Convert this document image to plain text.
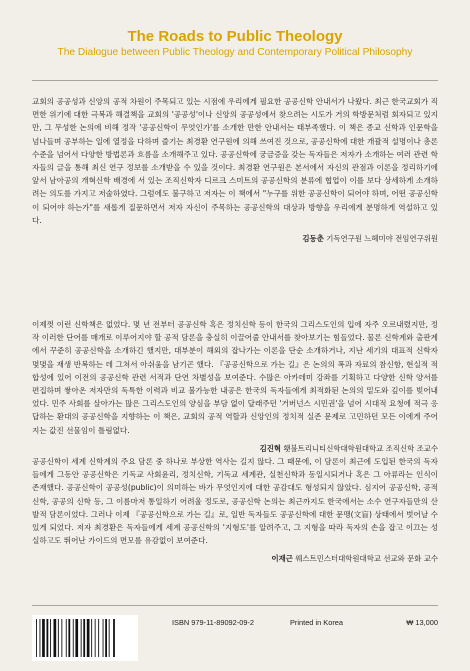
The Roads to Public Theology
The Dialogue between Public Theology and Contemporary Political Philosophy

교회의 공공성과 신앙의 공적 차원이 주목되고 있는 시점에 우리에게 필요한 공공신학 안내서가 나왔다. 최근 한국교회가 직면한 위기에 대한 극복과 해결책을 교회의 '공공성'이나 신앙의 공공성에서 찾으려는 시도가 거의 학방문처럼 회자되고 있지만, 그 무성한 논의에 비해 정작 '공공신학이 무엇인가'를 소개한 만한 안내서는 태부족했다. 이 책은 종교 신학과 인문학을 넘나들며 공부하는 일에 열정을 다하며 즐기는 최경환 연구원에 의해 쓰여진 것으로, 공공신학에 대한 개괄적 설명이나 총론 수준을 넘어서 다양한 방법론과 흐름을 소개해주고 있다. 공공신학에 궁금증을 갖는 독자들은 저자가 소개하는 여러 관련 학자들의 글을 통해 최신 연구 정보를 소개받을 수 있을 것이다. 최경환 연구원은 본서에서 자신의 관점과 이론을 정리하기에 앞서 남아공의 개혁신학 배경에 서 있는 조직신학자 디르크 스미트의 공공신학의 분류에 협업이 이를 보다 상세하게 소개하려는 의도를 가지고 저술하였다. 그럼에도 불구하고 저자는 이 책에서 "누구를 위한 공공신학이 되어야 하며, 어떤 공공신학이 되어야 하는가"를 새롭게 질문하면서 저자 자신이 주목하는 공공신학의 대상과 방향을 우리에게 분명하게 역설하고 있다.

김동춘 기독연구원 느헤미야 전임연구위원

이제껏 이런 신학책은 없었다. 몇 년 전부터 공공신학 혹은 정치신학 등이 한국의 그리스도인의 입에 자주 오르내렸지만, 정작 이러한 단어를 매개로 이루어지야 할 공적 담론을 충실히 이끌어줄 안내서를 찾아보기는 힘들었다. 물론 신학계와 출판계에서 꾸준히 공공신학을 소개하긴 했지만, 대부분이 해외의 잡나가는 이론을 단순 소개하거나, 지난 세기의 대표적 신학자 몇몇을 재생 반복하는 데 그쳐서 아쉬움을 남기곤 했다. 『공공신학으로 가는 길』은 논의의 폭과 자료의 참신함, 현실적 적합성에 있어 이전의 공공신학 관련 서적과 단연 차별성을 보여준다. 수많은 아카데미 강좌를 기획하고 다양한 신학 양서를 편집하며 쌓아온 저자만의 독특한 이력과 비교 불가능한 내공은 한국의 독자들에게 최적화된 논의의 밑도와 깊이를 빚어내었다. 민주 사회를 살아가는 많은 그리스도인의 양심을 부담 없이 달래주던 '거버넌스 시민권'을 넘어 시대적 요청에 적극 응답하는 환대의 공공신학을 지향하는 이 책은, 교회의 공적 역할과 신앙인의 정치적 실존 문제로 고민하던 모든 이에게 주어지는 값진 선물임이 틀림없다.

김진혁 횃불트리니티신학대학원대학교 조직신학 조교수

공공신학이 세계 신학계의 주요 담론 중 하나로 부상한 역사는 길지 않다. 그 때문에, 이 담론이 최근에 도입된 한국의 독자들에게 그동안 공공신학은 기독교 사회윤리, 정치신학, 기독교 세계관, 실천신학과 동일시되거나 혹은 그 아류라는 인식이 존재했다. 공공신학이 공공성(public)이 의미하는 바가 무엇인지에 대한 공감대도 형성되지 않았다. 심지어 공공신학, 공적신학, 공공의 신학 등, 그 이름마저 통일하기 어려울 정도로, 공공신학 논의는 최근까지도 한국에서는 소수 연구자들만의 산발적 담론이었다. 그러나 이제 『공공신학으로 가는 길』로, 일반 독자들도 공공신학에 대한 문맹(文盲) 상태에서 벗어날 수 있게 되었다. 저자 최경환은 독자들에게 세계 공공신학의 '지형도'를 알려주고, 그 지형을 따라 독자의 손을 잡고 이끄는 성실하고도 뛰어난 가이드의 면모를 유감없이 보여준다.

이재근 웨스트민스터대학원대학교 선교와 문화 교수
ISBN 979-11-89092-09-2	Printed in Korea	₩ 13,000
